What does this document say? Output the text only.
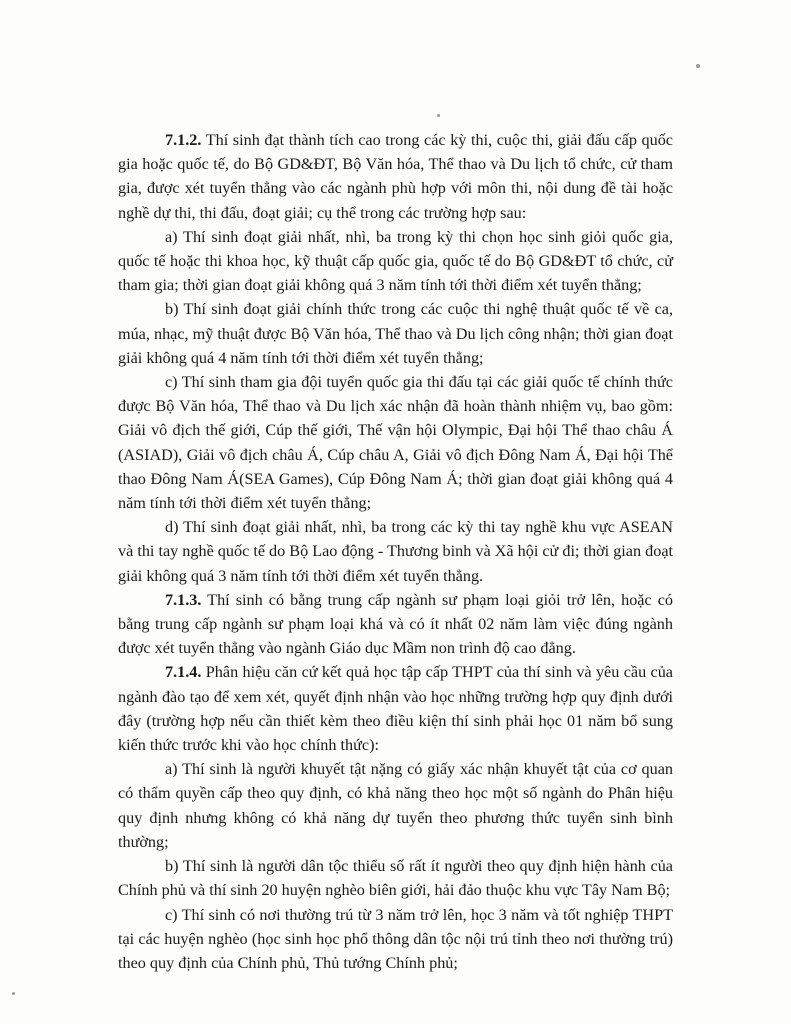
7.1.2. Thí sinh đạt thành tích cao trong các kỳ thi, cuộc thi, giải đấu cấp quốc gia hoặc quốc tế, do Bộ GD&ĐT, Bộ Văn hóa, Thể thao và Du lịch tổ chức, cử tham gia, được xét tuyển thẳng vào các ngành phù hợp với môn thi, nội dung đề tài hoặc nghề dự thi, thi đấu, đoạt giải; cụ thể trong các trường hợp sau:

a) Thí sinh đoạt giải nhất, nhì, ba trong kỳ thi chọn học sinh giỏi quốc gia, quốc tế hoặc thi khoa học, kỹ thuật cấp quốc gia, quốc tế do Bộ GD&ĐT tổ chức, cử tham gia; thời gian đoạt giải không quá 3 năm tính tới thời điểm xét tuyển thẳng;

b) Thí sinh đoạt giải chính thức trong các cuộc thi nghệ thuật quốc tế về ca, múa, nhạc, mỹ thuật được Bộ Văn hóa, Thể thao và Du lịch công nhận; thời gian đoạt giải không quá 4 năm tính tới thời điểm xét tuyển thẳng;

c) Thí sinh tham gia đội tuyển quốc gia thi đấu tại các giải quốc tế chính thức được Bộ Văn hóa, Thể thao và Du lịch xác nhận đã hoàn thành nhiệm vụ, bao gồm: Giải vô địch thế giới, Cúp thế giới, Thế vận hội Olympic, Đại hội Thể thao châu Á (ASIAD), Giải vô địch châu Á, Cúp châu A, Giải vô địch Đông Nam Á, Đại hội Thể thao Đông Nam Á(SEA Games), Cúp Đông Nam Á; thời gian đoạt giải không quá 4 năm tính tới thời điểm xét tuyển thẳng;

d) Thí sinh đoạt giải nhất, nhì, ba trong các kỳ thi tay nghề khu vực ASEAN và thi tay nghề quốc tế do Bộ Lao động - Thương binh và Xã hội cử đi; thời gian đoạt giải không quá 3 năm tính tới thời điểm xét tuyển thẳng.

7.1.3. Thí sinh có bằng trung cấp ngành sư phạm loại giỏi trở lên, hoặc có bằng trung cấp ngành sư phạm loại khá và có ít nhất 02 năm làm việc đúng ngành được xét tuyển thẳng vào ngành Giáo dục Mầm non trình độ cao đẳng.

7.1.4. Phân hiệu căn cứ kết quả học tập cấp THPT của thí sinh và yêu cầu của ngành đào tạo để xem xét, quyết định nhận vào học những trường hợp quy định dưới đây (trường hợp nếu cần thiết kèm theo điều kiện thí sinh phải học 01 năm bổ sung kiến thức trước khi vào học chính thức):

a) Thí sinh là người khuyết tật nặng có giấy xác nhận khuyết tật của cơ quan có thẩm quyền cấp theo quy định, có khả năng theo học một số ngành do Phân hiệu quy định nhưng không có khả năng dự tuyển theo phương thức tuyển sinh bình thường;

b) Thí sinh là người dân tộc thiểu số rất ít người theo quy định hiện hành của Chính phủ và thí sinh 20 huyện nghèo biên giới, hải đảo thuộc khu vực Tây Nam Bộ;

c) Thí sinh có nơi thường trú từ 3 năm trở lên, học 3 năm và tốt nghiệp THPT tại các huyện nghèo (học sinh học phổ thông dân tộc nội trú tỉnh theo nơi thường trú) theo quy định của Chính phủ, Thủ tướng Chính phủ;
